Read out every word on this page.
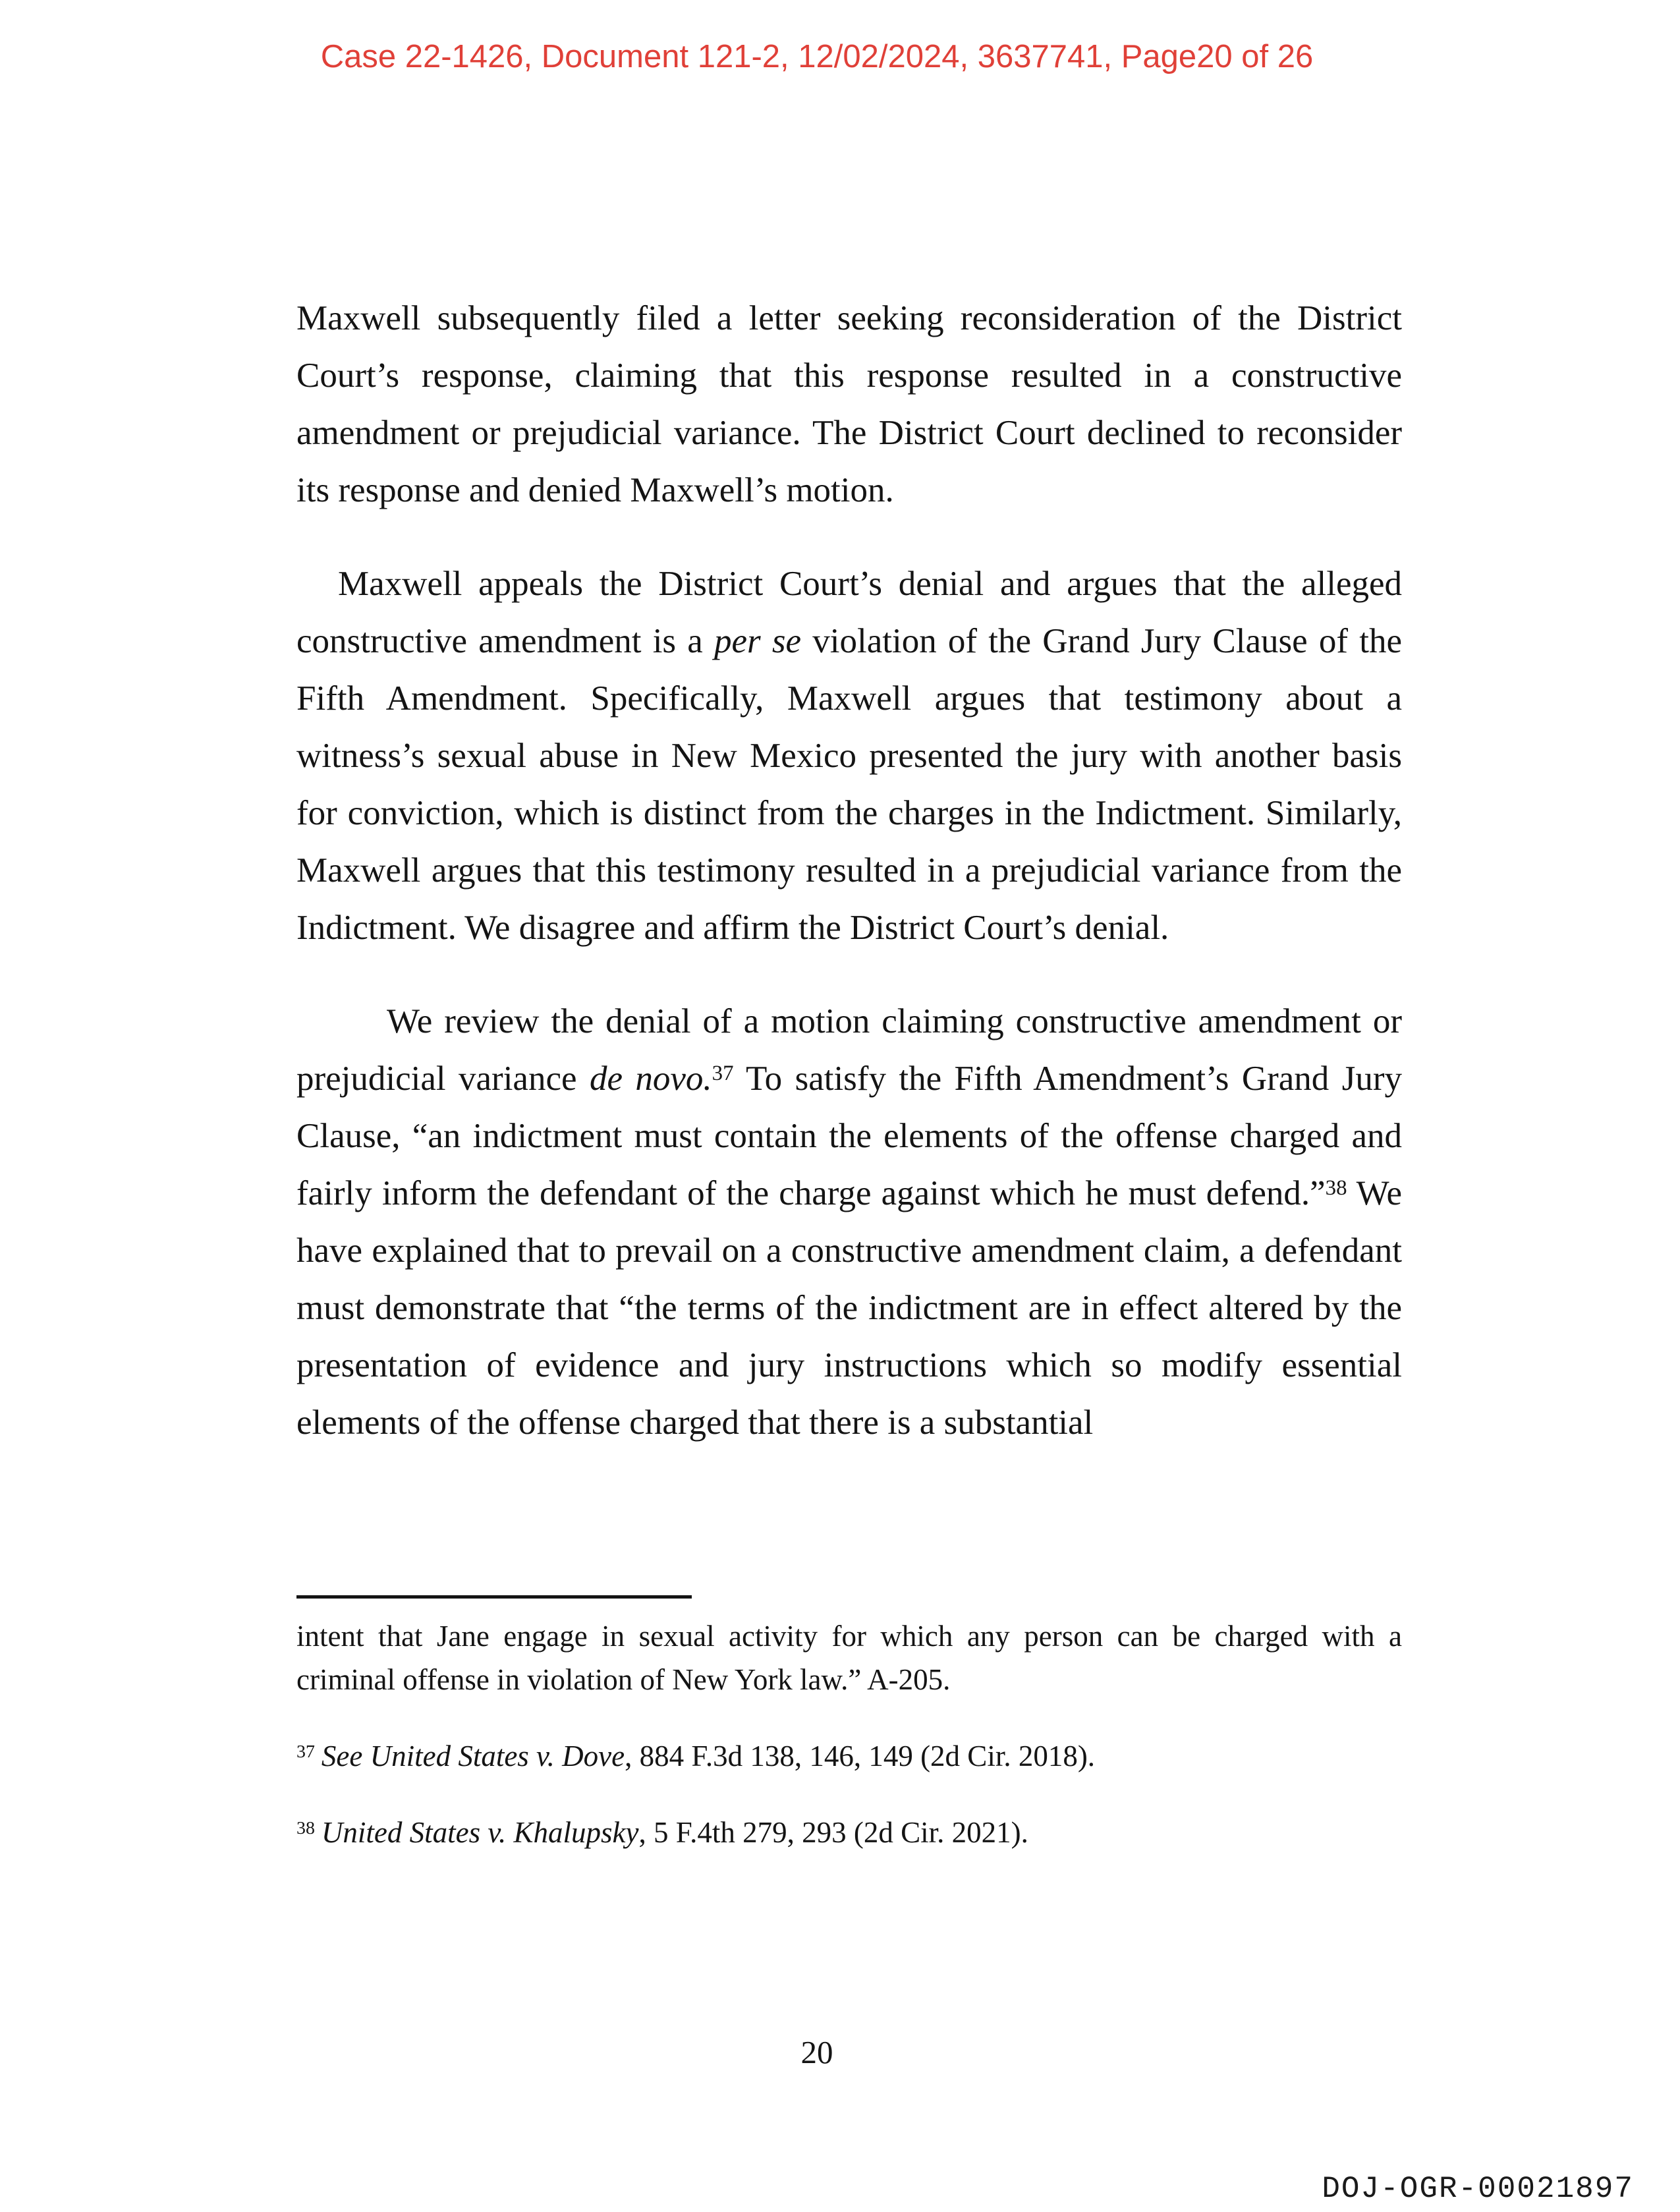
Case 22-1426, Document 121-2, 12/02/2024, 3637741, Page20 of 26

Maxwell subsequently filed a letter seeking reconsideration of the District Court’s response, claiming that this response resulted in a constructive amendment or prejudicial variance. The District Court declined to reconsider its response and denied Maxwell’s motion.

Maxwell appeals the District Court’s denial and argues that the alleged constructive amendment is a per se violation of the Grand Jury Clause of the Fifth Amendment. Specifically, Maxwell argues that testimony about a witness’s sexual abuse in New Mexico presented the jury with another basis for conviction, which is distinct from the charges in the Indictment. Similarly, Maxwell argues that this testimony resulted in a prejudicial variance from the Indictment. We disagree and affirm the District Court’s denial.

We review the denial of a motion claiming constructive amendment or prejudicial variance de novo.$^{37}$ To satisfy the Fifth Amendment’s Grand Jury Clause, “an indictment must contain the elements of the offense charged and fairly inform the defendant of the charge against which he must defend.”$^{38}$ We have explained that to prevail on a constructive amendment claim, a defendant must demonstrate that “the terms of the indictment are in effect altered by the presentation of evidence and jury instructions which so modify essential elements of the offense charged that there is a substantial

intent that Jane engage in sexual activity for which any person can be charged with a criminal offense in violation of New York law.” A-205.

$^{37}$ See United States v. Dove, 884 F.3d 138, 146, 149 (2d Cir. 2018).

$^{38}$ United States v. Khalupsky, 5 F.4th 279, 293 (2d Cir. 2021).

20
DOJ-OGR-00021897
